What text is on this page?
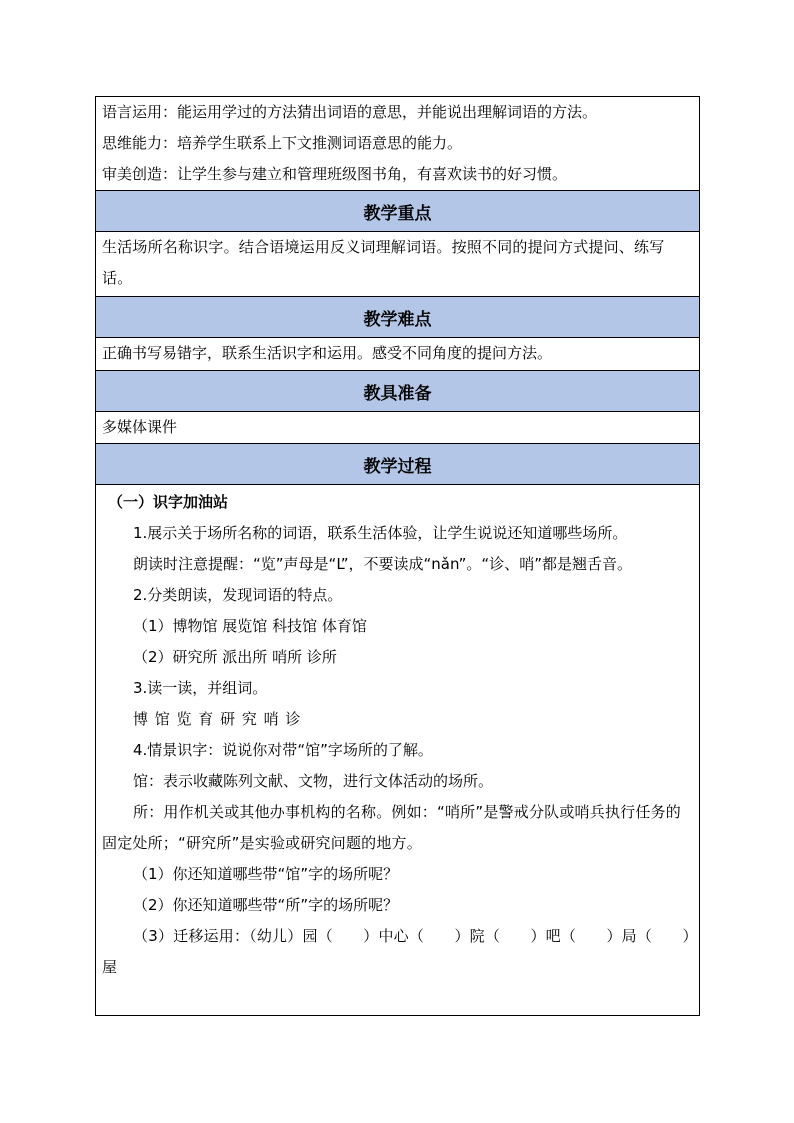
语言运用：能运用学过的方法猜出词语的意思，并能说出理解词语的方法。
思维能力：培养学生联系上下文推测词语意思的能力。
审美创造：让学生参与建立和管理班级图书角，有喜欢读书的好习惯。

教学重点

生活场所名称识字。结合语境运用反义词理解词语。按照不同的提问方式提问、练写话。

教学难点

正确书写易错字，联系生活识字和运用。感受不同角度的提问方法。

教具准备

多媒体课件

教学过程

（一）识字加油站
1.展示关于场所名称的词语，联系生活体验，让学生说说还知道哪些场所。
朗读时注意提醒：“览”声母是“L”，不要读成“nǎn”。“诊、哨”都是翘舌音。
2.分类朗读，发现词语的特点。
（1）博物馆 展览馆 科技馆 体育馆
（2）研究所 派出所 哨所 诊所
3.读一读，并组词。
博 馆 览 育 研 究 哨 诊
4.情景识字：说说你对带“馆”字场所的了解。
馆：表示收藏陈列文献、文物，进行文体活动的场所。
所：用作机关或其他办事机构的名称。例如：“哨所”是警戒分队或哨兵执行任务的固定处所；“研究所”是实验或研究问题的地方。
（1）你还知道哪些带“馆”字的场所呢？
（2）你还知道哪些带“所”字的场所呢？
（3）迁移运用：（幼儿）园（　　）中心（　　）院（　　）吧（　　）局（　　）屋
